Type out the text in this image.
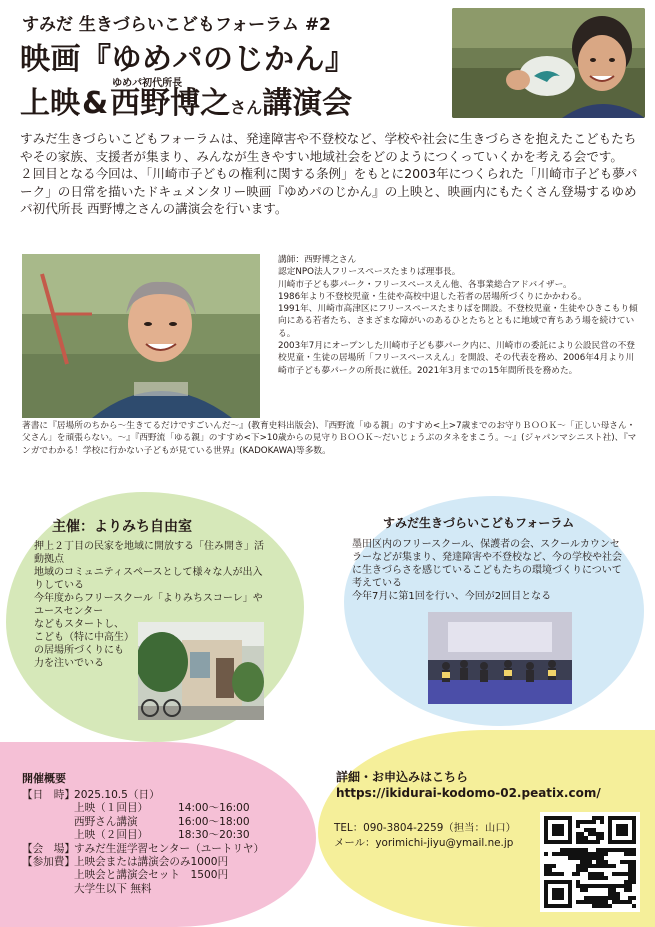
すみだ 生きづらいこどもフォーラム #2
映画『ゆめパのじかん』
上映&
ゆめパ初代所長
西野博之さん講演会

すみだ生きづらいこどもフォーラムは、発達障害や不登校など、学校や社会に生きづらさを抱えたこどもたちやその家族、支援者が集まり、みんなが生きやすい地域社会をどのようにつくっていくかを考える会です。

２回目となる今回は、「川崎市子どもの権利に関する条例」をもとに2003年につくられた「川崎市子ども夢パーク」の日常を描いたドキュメンタリー映画『ゆめパのじかん』の上映と、映画内にもたくさん登場するゆめパ初代所長 西野博之さんの講演会を行います。

講師：西野博之さん

認定NPO法人フリースペースたまりば理事長。

川崎市子ども夢パーク・フリースペースえん他、各事業総合アドバイザー。

1986年より不登校児童・生徒や高校中退した若者の居場所づくりにかかわる。

1991年、川崎市高津区にフリースペースたまりばを開設。不登校児童・生徒やひきこもり傾向にある若者たち、さまざまな障がいのあるひとたちとともに地域で育ちあう場を続けている。

2003年7月にオープンした川崎市子ども夢パーク内に、川崎市の委託により公設民営の不登校児童・生徒の居場所「フリースペースえん」を開設、その代表を務め、2006年4月より川崎市子ども夢パークの所長に就任。2021年3月までの15年間所長を務めた。

著書に『居場所のちから～生きてるだけですごいんだ～』(教育史料出版会)、『西野流「ゆる親」のすすめ<上>7歳までのお守りＢＯＯＫ～「正しい母さん・父さん」を頑張らない。～』『西野流「ゆる親」のすすめ<下>10歳からの見守りＢＯＯＫ～だいじょうぶのタネをまこう。～』(ジャパンマシニスト社)、『マンガでわかる！学校に行かない子どもが見ている世界』(KADOKAWA)等多数。
主催：よりみち自由室

押上２丁目の民家を地域に開放する「住み開き」活動拠点

地域のコミュニティスペースとして様々な人が出入りしている

今年度からフリースクール「よりみちスコーレ」やユースセンター

などもスタートし、

こども（特に中高生）

の居場所づくりにも

力を注いでいる

すみだ生きづらいこどもフォーラム

墨田区内のフリースクール、保護者の会、スクールカウンセラーなどが集まり、発達障害や不登校など、今の学校や社会に生きづらさを感じているこどもたちの環境づくりについて考えている

今年7月に第1回を行い、今回が2回目となる

開催概要
【日　時】2025.10.5（日）
上映（１回目）	14:00～16:00
西野さん講演	16:00～18:00
上映（２回目）	18:30～20:30
【会　場】すみだ生涯学習センター（ユートリヤ）
【参加費】上映会または講演会のみ1000円
上映会と講演会セット　1500円
大学生以下 無料
詳細・お申込みはこちら
https://ikidurai-kodomo-02.peatix.com/
TEL：090-3804-2259（担当：山口）
メール：yorimichi-jiyu@ymail.ne.jp
